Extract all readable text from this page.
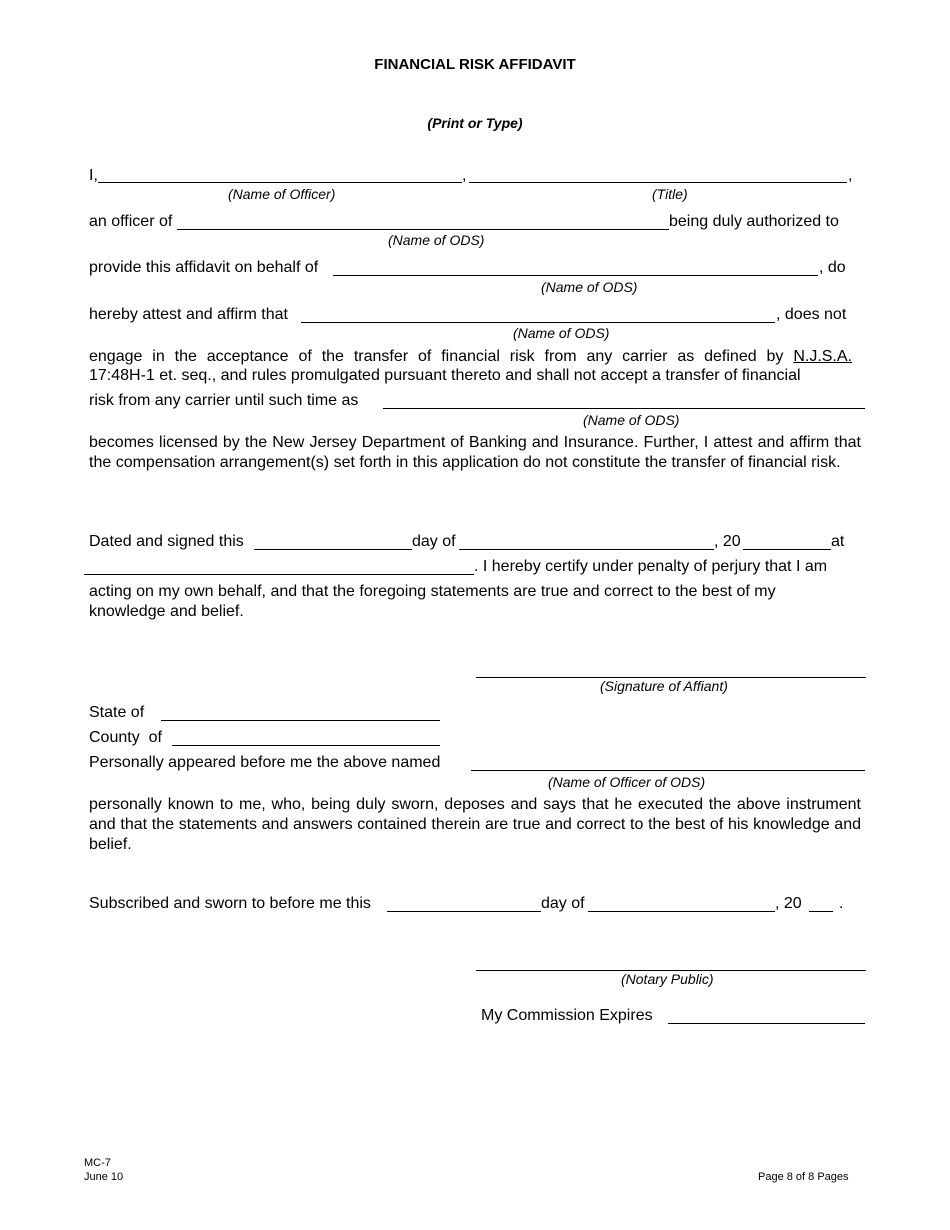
FINANCIAL RISK AFFIDAVIT
(Print or Type)
I,	,	,
(Name of Officer)	(Title)
an officer of	being duly authorized to
(Name of ODS)
provide this affidavit on behalf of	, do
(Name of ODS)
hereby attest and affirm that	, does not
(Name of ODS)
engage in the acceptance of the transfer of financial risk from any carrier as defined by N.J.S.A.
17:48H-1 et. seq., and rules promulgated pursuant thereto and shall not accept a transfer of financial
risk from any carrier until such time as
(Name of ODS)
becomes licensed by the New Jersey Department of Banking and Insurance. Further, I attest and affirm that the compensation arrangement(s) set forth in this application do not constitute the transfer of financial risk.
Dated and signed this	day of	, 20	at
. I hereby certify under penalty of perjury that I am
acting on my own behalf, and that the foregoing statements are true and correct to the best of my knowledge and belief.
(Signature of Affiant)
State of
County  of
Personally appeared before me the above named
(Name of Officer of ODS)
personally known to me, who, being duly sworn, deposes and says that he executed the above instrument and that the statements and answers contained therein are true and correct to the best of his knowledge and belief.
Subscribed and sworn to before me this	day of	, 20 .
(Notary Public)
My Commission Expires
MC-7
June 10	Page 8 of 8 Pages
